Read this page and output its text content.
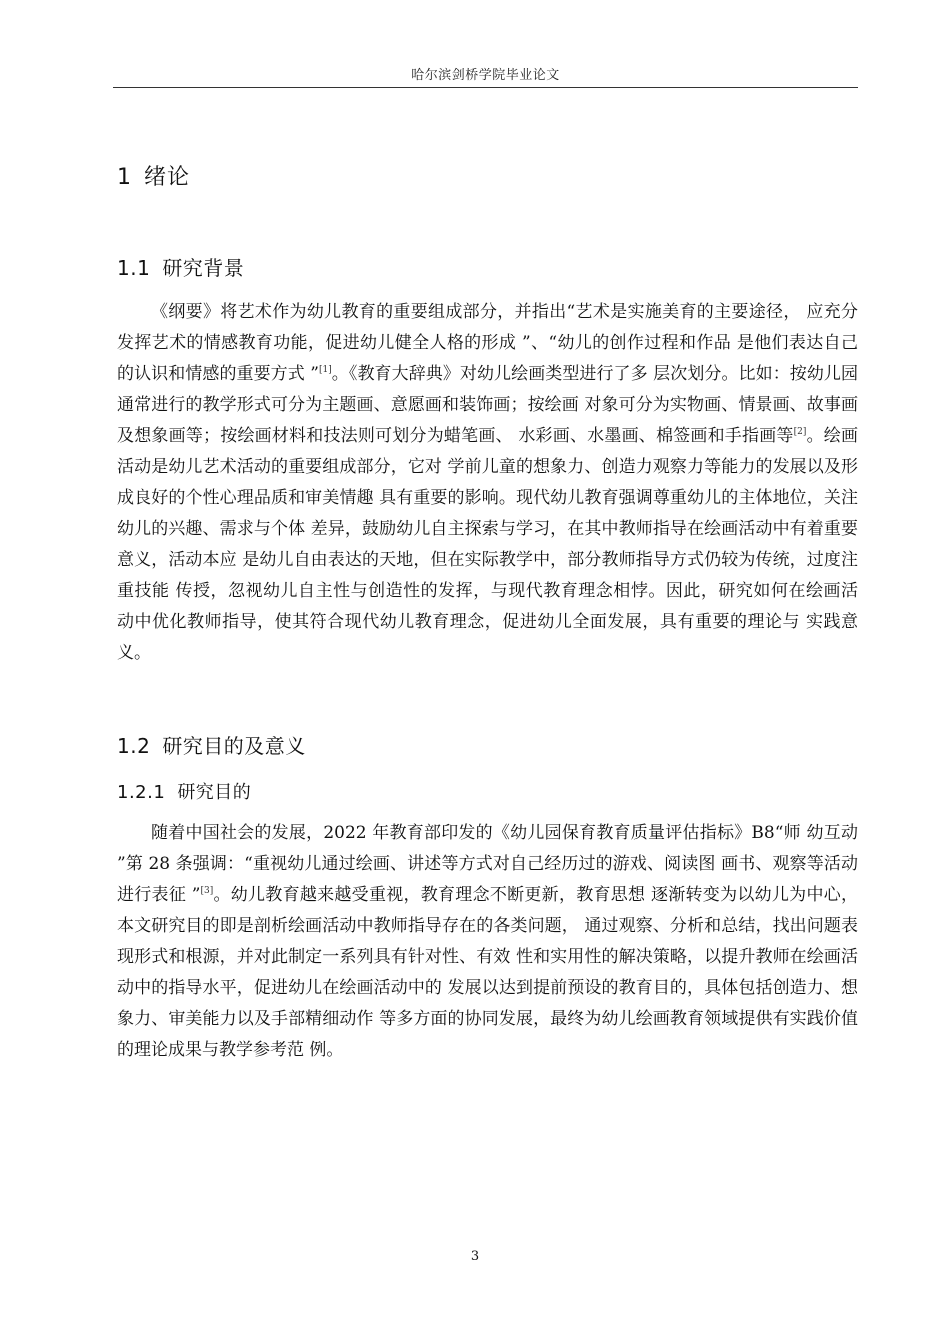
哈尔滨剑桥学院毕业论文
1 绪论
1.1 研究背景

《纲要》将艺术作为幼儿教育的重要组成部分，并指出“艺术是实施美育的主要途径， 应充分发挥艺术的情感教育功能，促进幼儿健全人格的形成 ”、“幼儿的创作过程和作品 是他们表达自己的认识和情感的重要方式 ”[1]。《教育大辞典》对幼儿绘画类型进行了多 层次划分。比如：按幼儿园通常进行的教学形式可分为主题画、意愿画和装饰画；按绘画 对象可分为实物画、情景画、故事画及想象画等；按绘画材料和技法则可划分为蜡笔画、 水彩画、水墨画、棉签画和手指画等[2]。绘画活动是幼儿艺术活动的重要组成部分，它对 学前儿童的想象力、创造力观察力等能力的发展以及形成良好的个性心理品质和审美情趣 具有重要的影响。现代幼儿教育强调尊重幼儿的主体地位，关注幼儿的兴趣、需求与个体 差异，鼓励幼儿自主探索与学习，在其中教师指导在绘画活动中有着重要意义，活动本应 是幼儿自由表达的天地，但在实际教学中，部分教师指导方式仍较为传统，过度注重技能 传授，忽视幼儿自主性与创造性的发挥，与现代教育理念相悖。因此，研究如何在绘画活 动中优化教师指导，使其符合现代幼儿教育理念，促进幼儿全面发展，具有重要的理论与 实践意义。

1.2 研究目的及意义
1.2.1 研究目的

随着中国社会的发展，2022 年教育部印发的《幼儿园保育教育质量评估指标》B8“师 幼互动 ”第 28 条强调：“重视幼儿通过绘画、讲述等方式对自己经历过的游戏、阅读图 画书、观察等活动进行表征 ”[3]。幼儿教育越来越受重视，教育理念不断更新，教育思想 逐渐转变为以幼儿为中心，本文研究目的即是剖析绘画活动中教师指导存在的各类问题， 通过观察、分析和总结，找出问题表现形式和根源，并对此制定一系列具有针对性、有效 性和实用性的解决策略，以提升教师在绘画活动中的指导水平，促进幼儿在绘画活动中的 发展以达到提前预设的教育目的，具体包括创造力、想象力、审美能力以及手部精细动作 等多方面的协同发展，最终为幼儿绘画教育领域提供有实践价值的理论成果与教学参考范 例。

3
